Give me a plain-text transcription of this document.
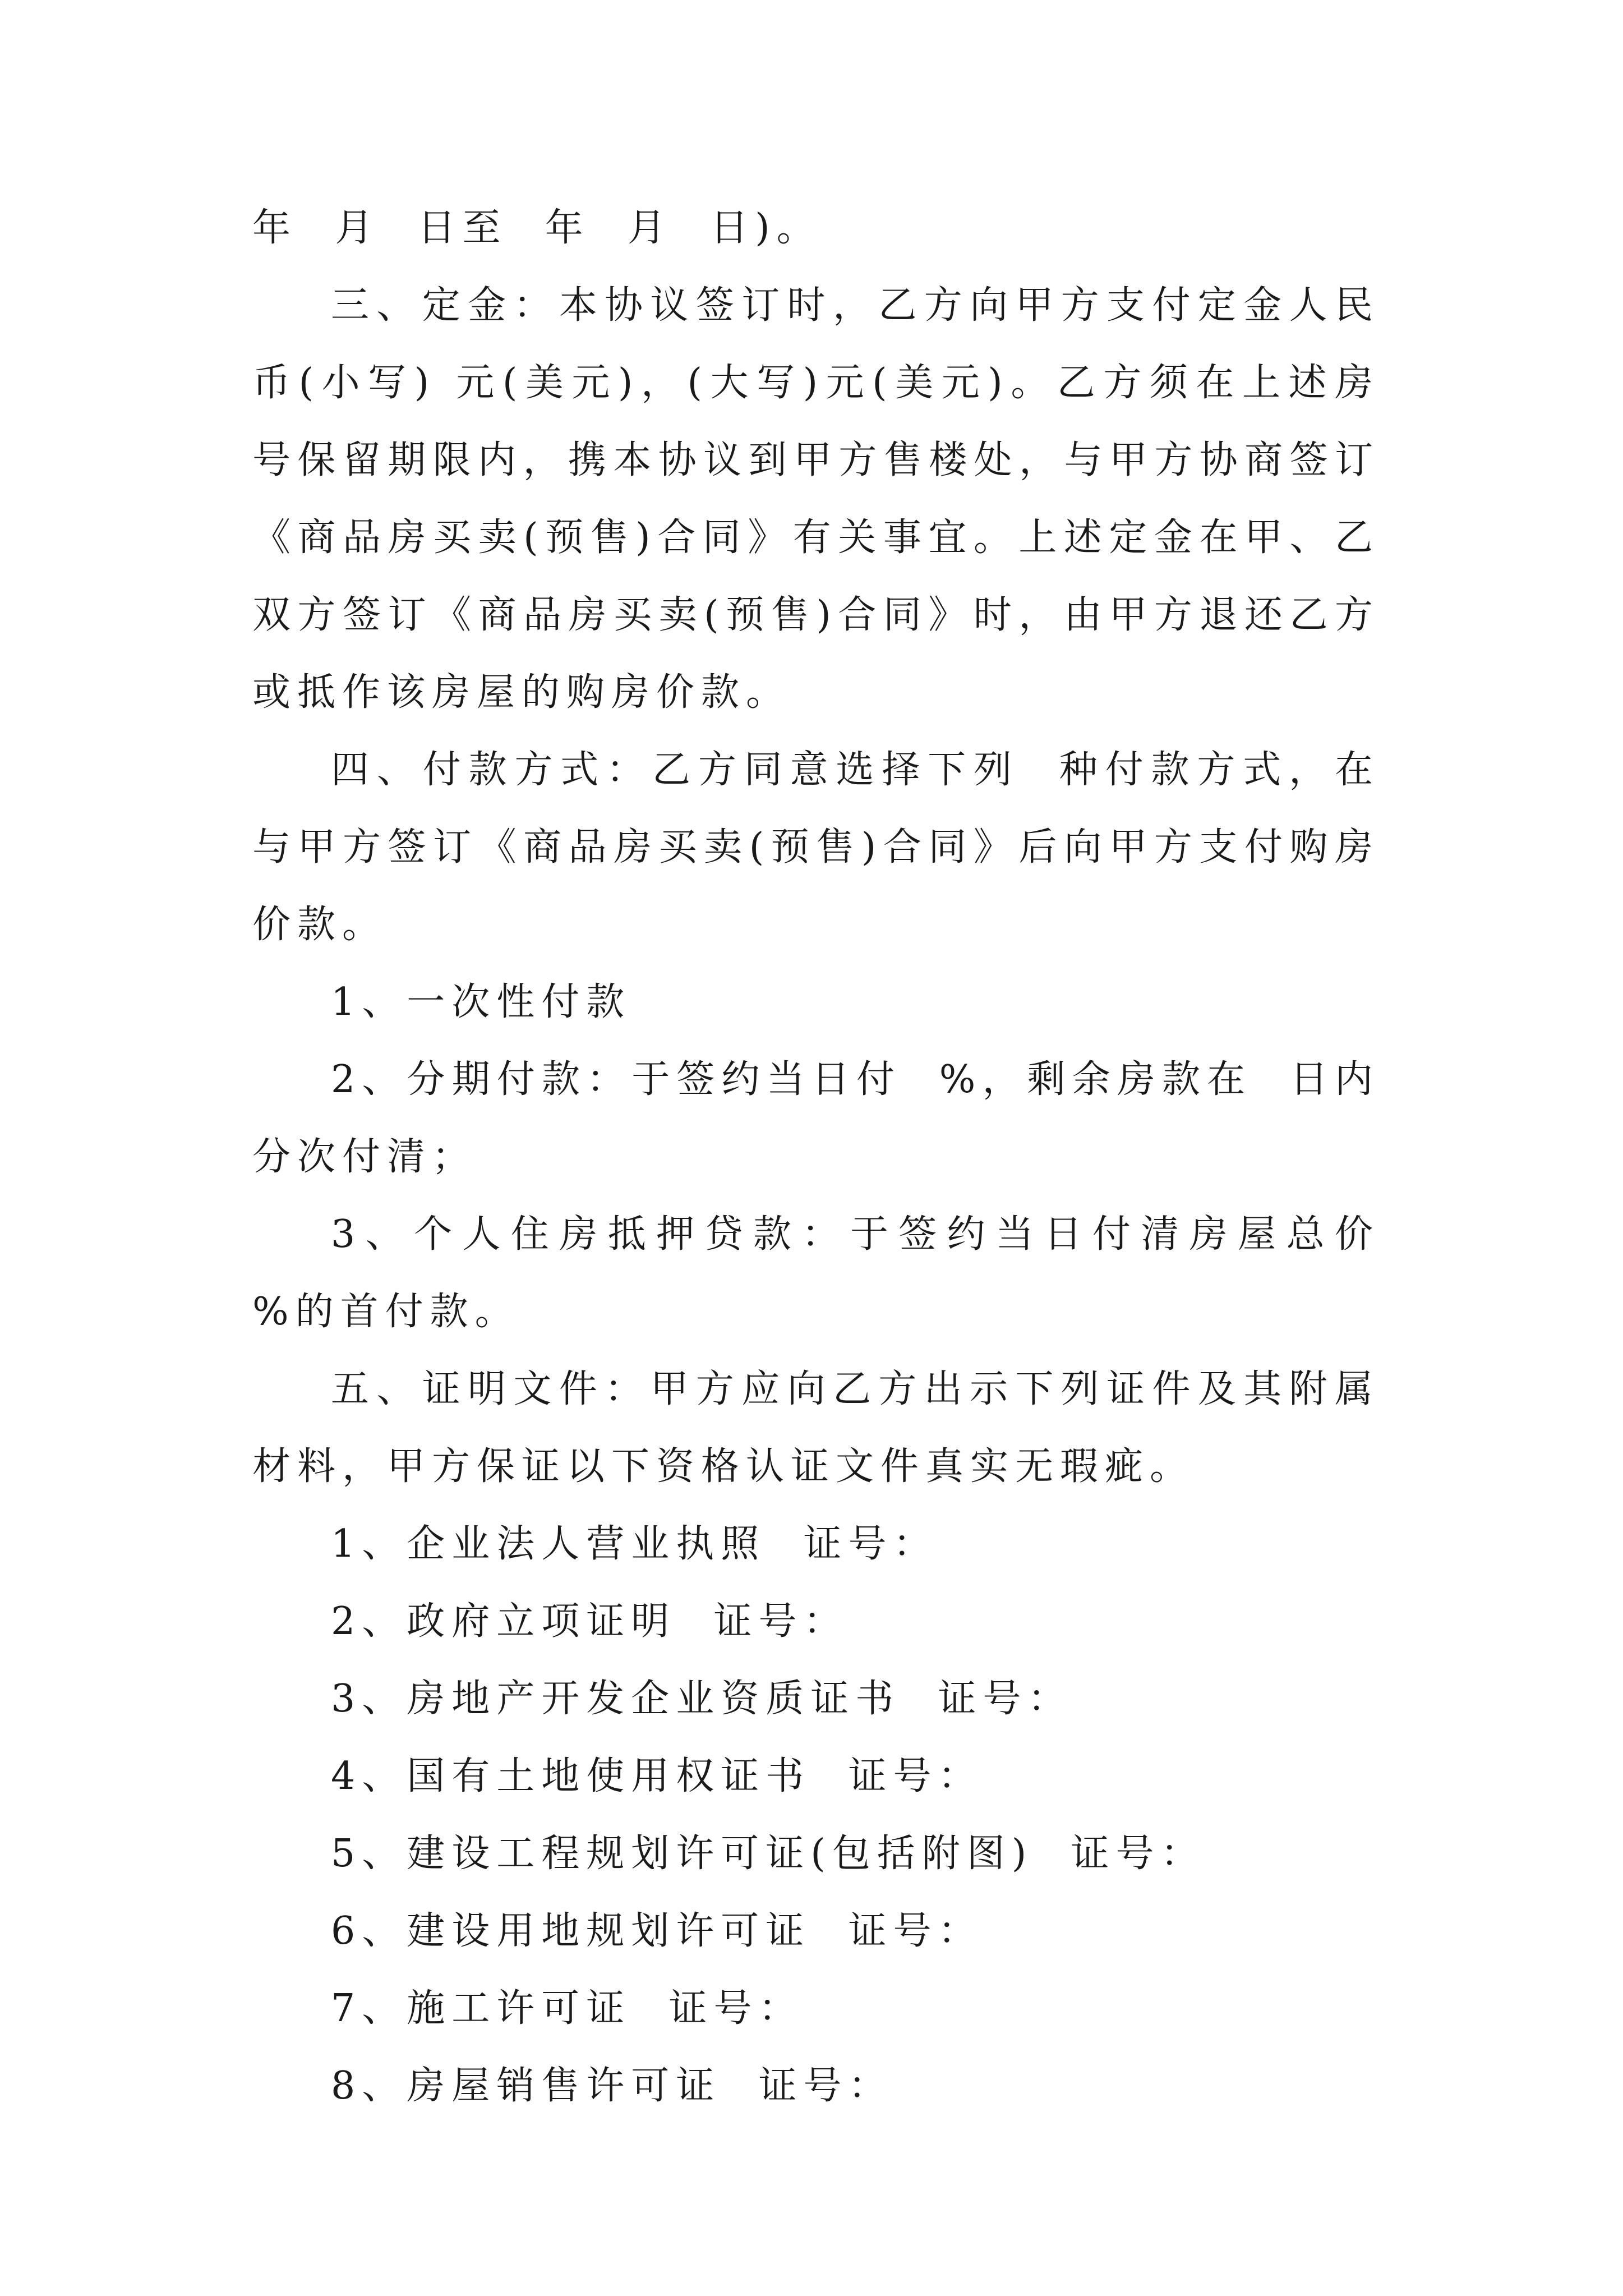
年  月  日至  年  月  日)。

三、定金：本协议签订时，乙方向甲方支付定金人民币(小写) 元(美元)，(大写)元(美元)。乙方须在上述房号保留期限内，携本协议到甲方售楼处，与甲方协商签订《商品房买卖(预售)合同》有关事宜。上述定金在甲、乙双方签订《商品房买卖(预售)合同》时，由甲方退还乙方或抵作该房屋的购房价款。

四、付款方式：乙方同意选择下列  种付款方式，在与甲方签订《商品房买卖(预售)合同》后向甲方支付购房价款。

1、一次性付款

2、分期付款：于签约当日付  %，剩余房款在  日内分次付清；

3、个人住房抵押贷款：于签约当日付清房屋总价  %的首付款。

五、证明文件：甲方应向乙方出示下列证件及其附属材料，甲方保证以下资格认证文件真实无瑕疵。

1、企业法人营业执照  证号：

2、政府立项证明  证号：

3、房地产开发企业资质证书  证号：

4、国有土地使用权证书  证号：

5、建设工程规划许可证(包括附图)  证号：

6、建设用地规划许可证  证号：

7、施工许可证  证号：

8、房屋销售许可证  证号：
